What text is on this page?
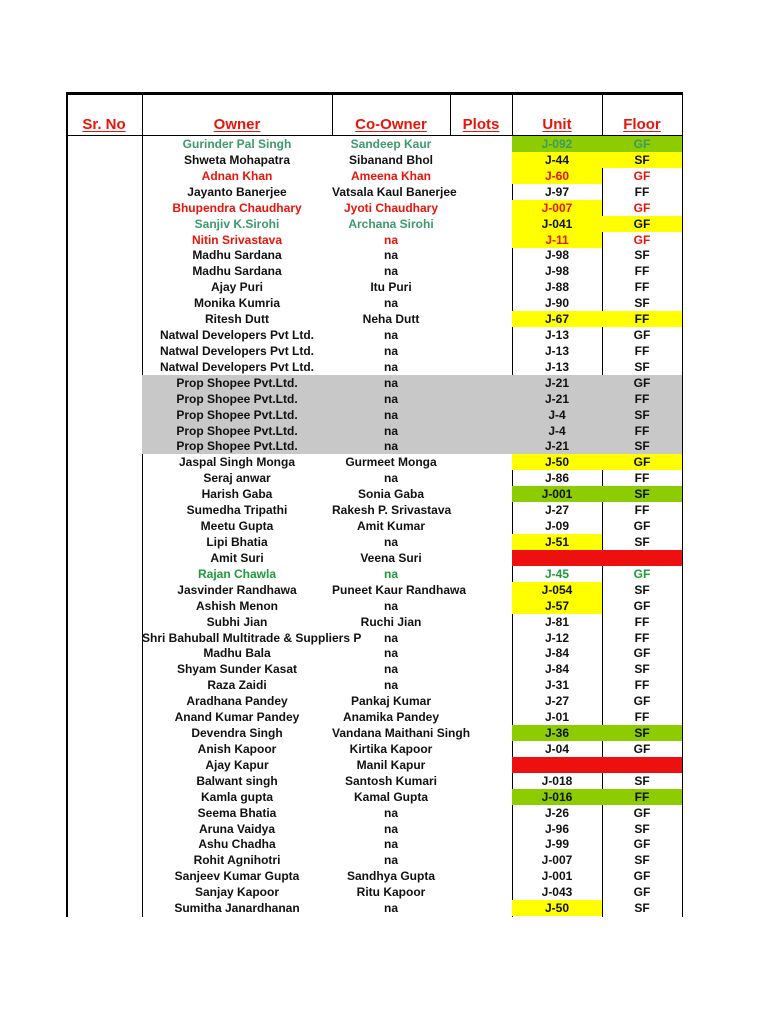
Sr. No	Owner	Co-Owner	Plots	Unit	Floor
Gurinder Pal Singh	Sandeep Kaur	J-092	GF
Shweta Mohapatra	Sibanand Bhol	J-44	SF
Adnan Khan	Ameena Khan	J-60	GF
Jayanto Banerjee	Vatsala Kaul Banerjee	J-97	FF
Bhupendra Chaudhary	Jyoti Chaudhary	J-007	GF
Sanjiv K.Sirohi	Archana Sirohi	J-041	GF
Nitin Srivastava	na	J-11	GF
Madhu Sardana	na	J-98	SF
Madhu Sardana	na	J-98	FF
Ajay Puri	Itu Puri	J-88	FF
Monika Kumria	na	J-90	SF
Ritesh Dutt	Neha Dutt	J-67	FF
Natwal Developers Pvt Ltd.	na	J-13	GF
Natwal Developers Pvt Ltd.	na	J-13	FF
Natwal Developers Pvt Ltd.	na	J-13	SF
Prop Shopee Pvt.Ltd.	na	J-21	GF
Prop Shopee Pvt.Ltd.	na	J-21	FF
Prop Shopee Pvt.Ltd.	na	J-4	SF
Prop Shopee Pvt.Ltd.	na	J-4	FF
Prop Shopee Pvt.Ltd.	na	J-21	SF
Jaspal Singh Monga	Gurmeet Monga	J-50	GF
Seraj anwar	na	J-86	FF
Harish Gaba	Sonia Gaba	J-001	SF
Sumedha Tripathi	Rakesh P. Srivastava	J-27	FF
Meetu Gupta	Amit Kumar	J-09	GF
Lipi Bhatia	na	J-51	SF
Amit Suri	Veena Suri	J-63	FF
Rajan Chawla	na	J-45	GF
Jasvinder Randhawa	Puneet Kaur Randhawa	J-054	SF
Ashish Menon	na	J-57	GF
Subhi Jian	Ruchi Jian	J-81	FF
Shri Bahuball Multitrade & Suppliers P	na	J-12	FF
Madhu Bala	na	J-84	GF
Shyam Sunder Kasat	na	J-84	SF
Raza Zaidi	na	J-31	FF
Aradhana Pandey	Pankaj Kumar	J-27	GF
Anand Kumar Pandey	Anamika Pandey	J-01	FF
Devendra Singh	Vandana Maithani Singh	J-36	SF
Anish Kapoor	Kirtika Kapoor	J-04	GF
Ajay Kapur	Manil Kapur	J-35	GF
Balwant singh	Santosh Kumari	J-018	SF
Kamla gupta	Kamal Gupta	J-016	FF
Seema Bhatia	na	J-26	GF
Aruna Vaidya	na	J-96	SF
Ashu Chadha	na	J-99	GF
Rohit Agnihotri	na	J-007	SF
Sanjeev Kumar Gupta	Sandhya Gupta	J-001	GF
Sanjay Kapoor	Ritu Kapoor	J-043	GF
Sumitha Janardhanan	na	J-50	SF
